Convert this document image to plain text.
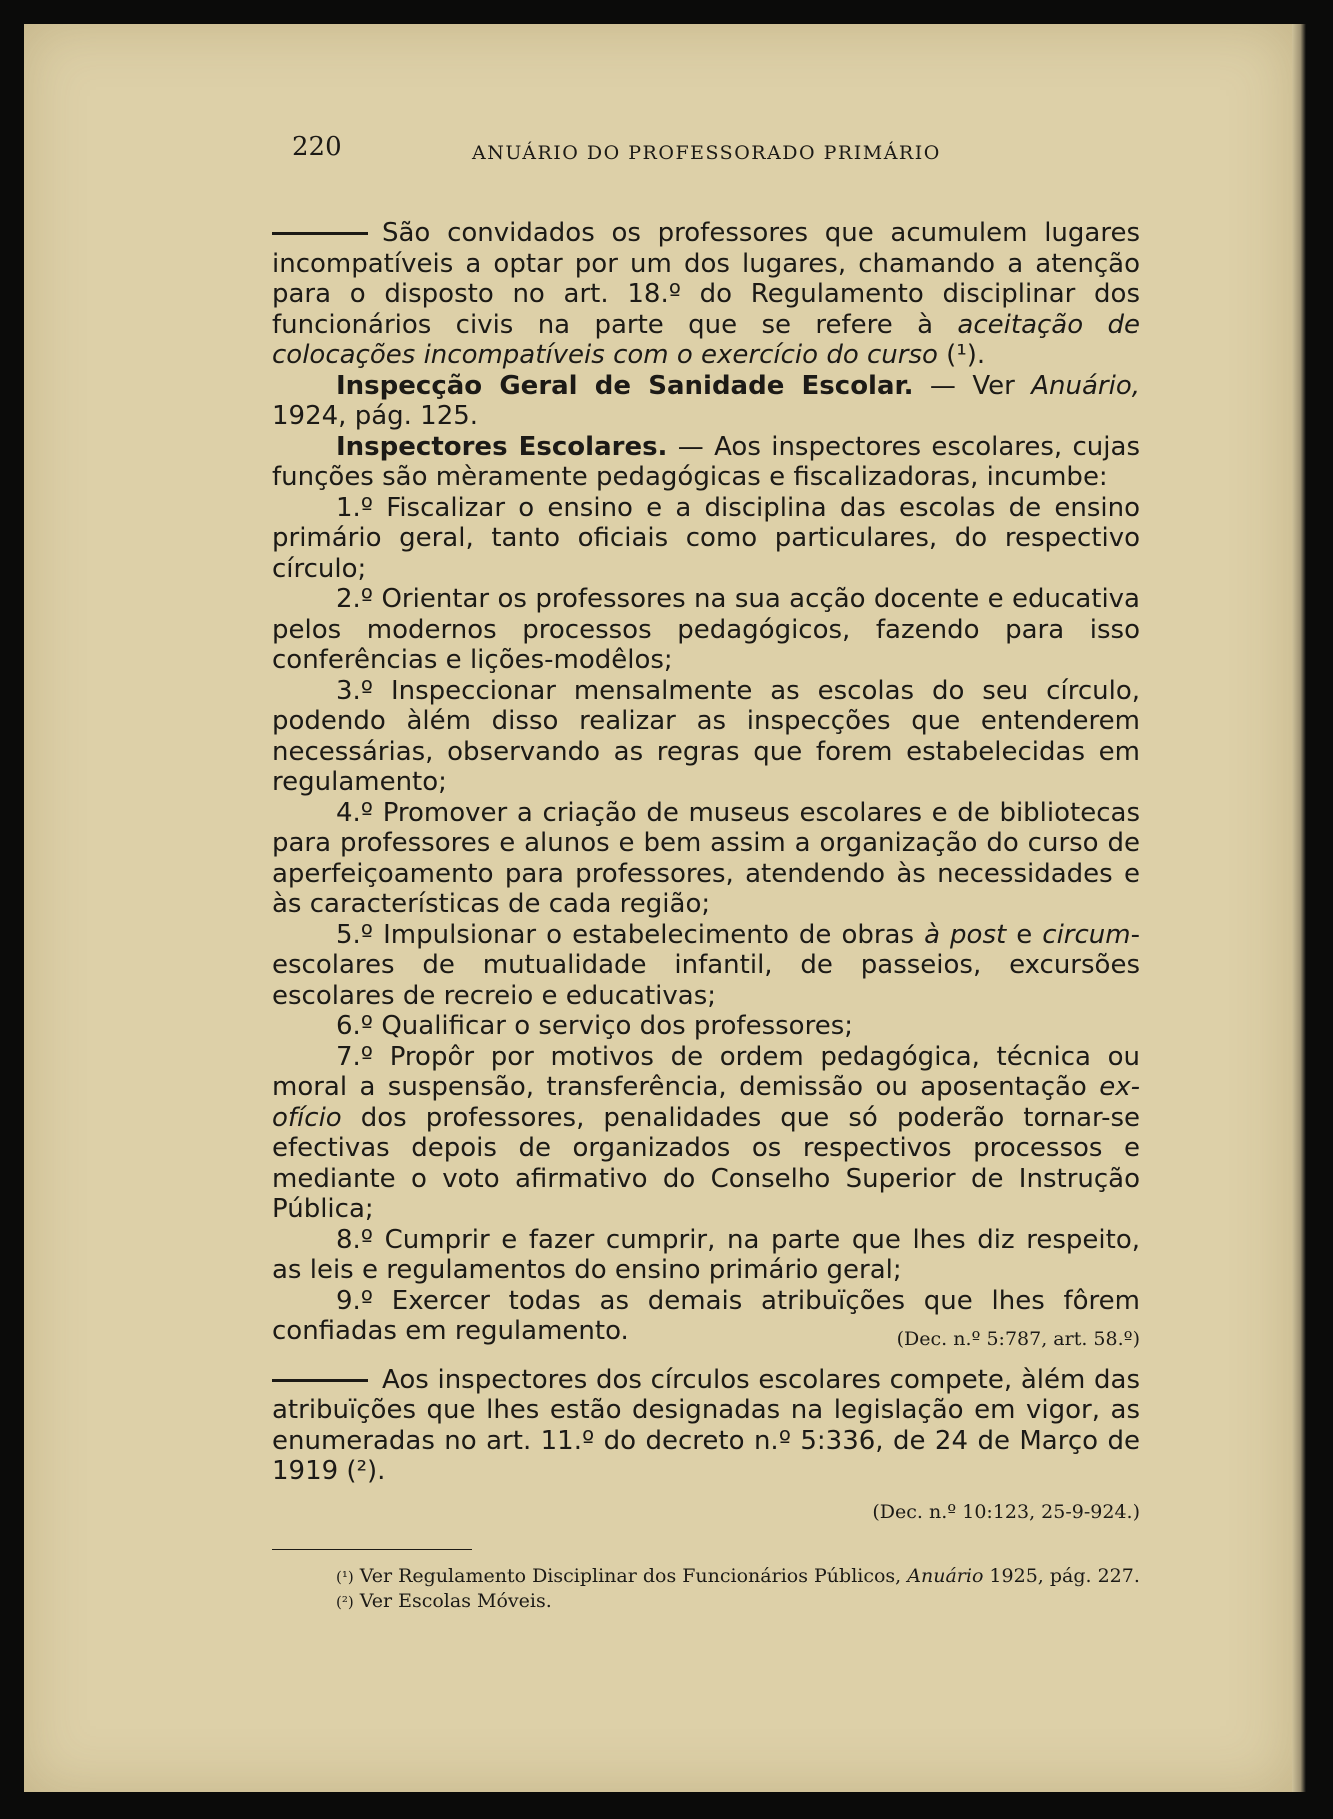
220	ANUÁRIO DO PROFESSORADO PRIMÁRIO

São convidados os professores que acumulem lugares incompatíveis a optar por um dos lugares, chamando a atenção para o disposto no art. 18.º do Regulamento disciplinar dos funcionários civis na parte que se refere à aceitação de colocações incompatíveis com o exercício do curso (¹).

Inspecção Geral de Sanidade Escolar. — Ver Anuário, 1924, pág. 125.

Inspectores Escolares. — Aos inspectores escolares, cujas funções são mèramente pedagógicas e fiscalizadoras, incumbe:

1.º Fiscalizar o ensino e a disciplina das escolas de ensino primário geral, tanto oficiais como particulares, do respectivo círculo;

2.º Orientar os professores na sua acção docente e educativa pelos modernos processos pedagógicos, fazendo para isso conferências e lições-modêlos;

3.º Inspeccionar mensalmente as escolas do seu círculo, podendo àlém disso realizar as inspecções que entenderem necessárias, observando as regras que forem estabelecidas em regulamento;

4.º Promover a criação de museus escolares e de bibliotecas para professores e alunos e bem assim a organização do curso de aperfeiçoamento para professores, atendendo às necessidades e às características de cada região;

5.º Impulsionar o estabelecimento de obras à post e circum-escolares de mutualidade infantil, de passeios, excursões escolares de recreio e educativas;

6.º Qualificar o serviço dos professores;

7.º Propôr por motivos de ordem pedagógica, técnica ou moral a suspensão, transferência, demissão ou aposentação ex-ofício dos professores, penalidades que só poderão tornar-se efectivas depois de organizados os respectivos processos e mediante o voto afirmativo do Conselho Superior de Instrução Pública;

8.º Cumprir e fazer cumprir, na parte que lhes diz respeito, as leis e regulamentos do ensino primário geral;

9.º Exercer todas as demais atribuïções que lhes fôrem confiadas em regulamento.	(Dec. n.º 5:787, art. 58.º)

Aos inspectores dos círculos escolares compete, àlém das atribuïções que lhes estão designadas na legislação em vigor, as enumeradas no art. 11.º do decreto n.º 5:336, de 24 de Março de 1919 (²).

(Dec. n.º 10:123, 25-9-924.)

(¹) Ver Regulamento Disciplinar dos Funcionários Públicos, Anuário 1925, pág. 227.

(²) Ver Escolas Móveis.
